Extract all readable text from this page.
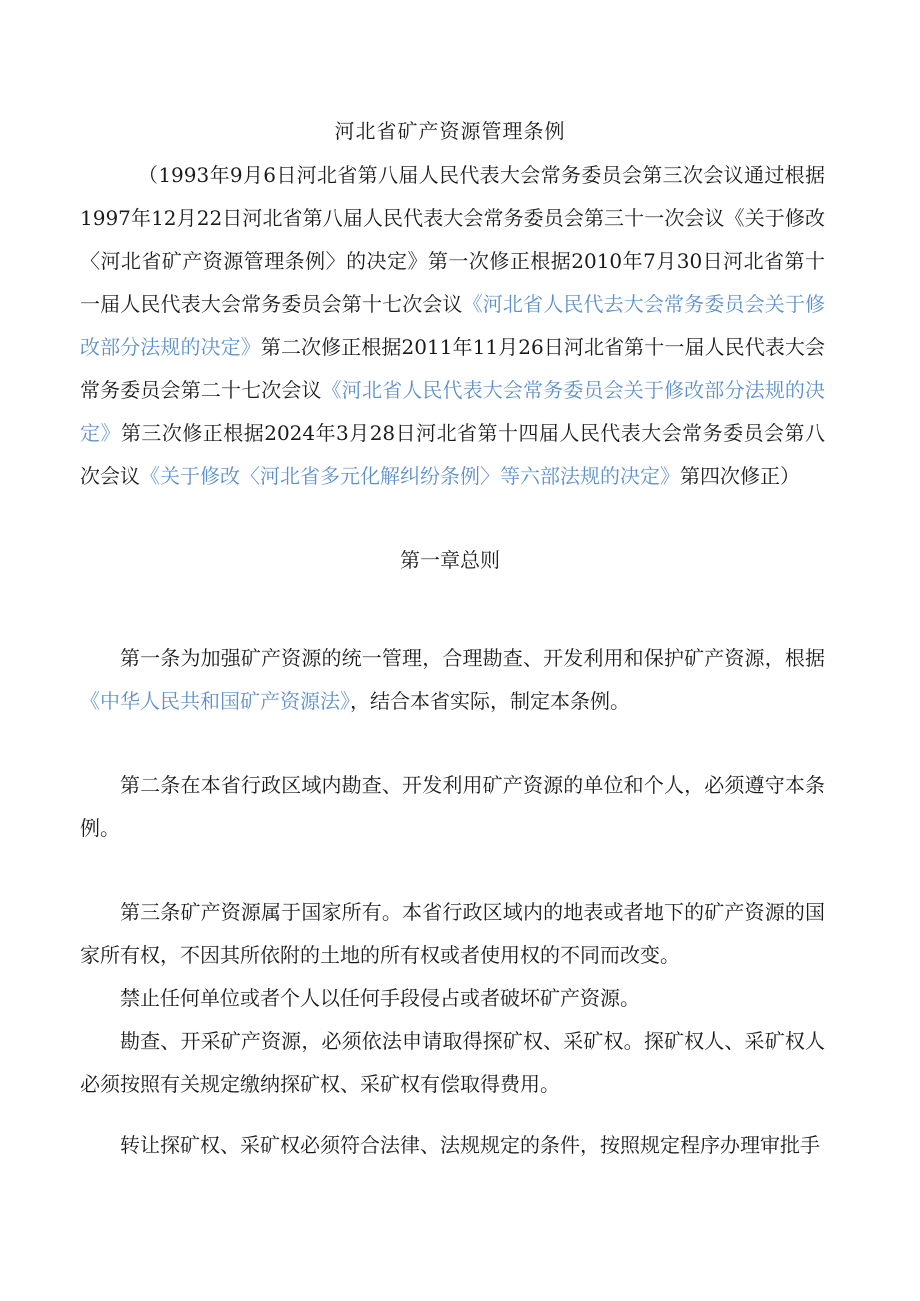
河北省矿产资源管理条例
（1993年9月6日河北省第八届人民代表大会常务委员会第三次会议通过根据1997年12月22日河北省第八届人民代表大会常务委员会第三十一次会议《关于修改〈河北省矿产资源管理条例〉的决定》第一次修正根据2010年7月30日河北省第十一届人民代表大会常务委员会第十七次会议《河北省人民代去大会常务委员会关于修改部分法规的决定》第二次修正根据2011年11月26日河北省第十一届人民代表大会常务委员会第二十七次会议《河北省人民代表大会常务委员会关于修改部分法规的决定》第三次修正根据2024年3月28日河北省第十四届人民代表大会常务委员会第八次会议《关于修改〈河北省多元化解纠纷条例〉等六部法规的决定》第四次修正）
第一章总则

第一条为加强矿产资源的统一管理，合理勘查、开发利用和保护矿产资源，根据《中华人民共和国矿产资源法》，结合本省实际，制定本条例。

第二条在本省行政区域内勘查、开发利用矿产资源的单位和个人，必须遵守本条例。

第三条矿产资源属于国家所有。本省行政区域内的地表或者地下的矿产资源的国家所有权，不因其所依附的土地的所有权或者使用权的不同而改变。

禁止任何单位或者个人以任何手段侵占或者破坏矿产资源。

勘查、开采矿产资源，必须依法申请取得探矿权、采矿权。探矿权人、采矿权人必须按照有关规定缴纳探矿权、采矿权有偿取得费用。

转让探矿权、采矿权必须符合法律、法规规定的条件，按照规定程序办理审批手
